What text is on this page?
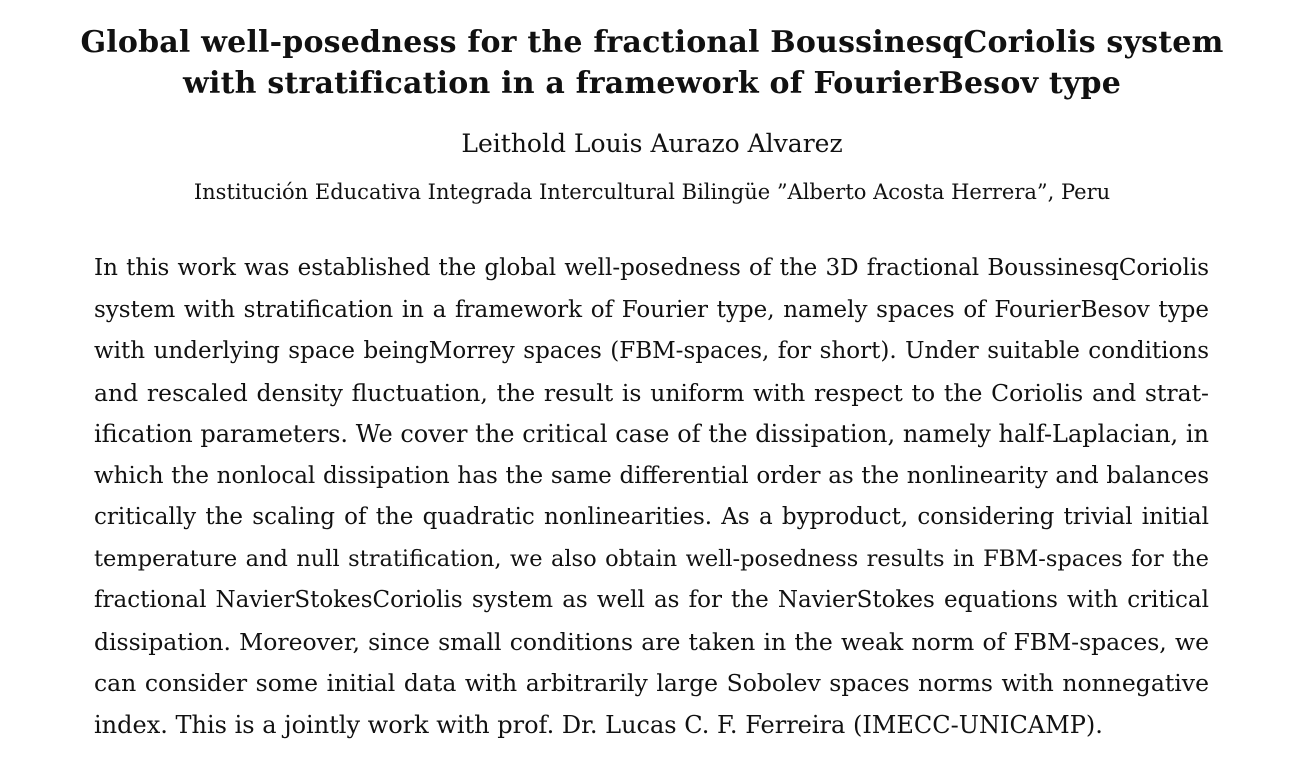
Global well-posedness for the fractional BoussinesqCoriolis system
with stratification in a framework of FourierBesov type

Leithold Louis Aurazo Alvarez

Institución Educativa Integrada Intercultural Bilingüe ”Alberto Acosta Herrera”, Peru

In this work was established the global well-posedness of the 3D fractional BoussinesqCoriolis
system with stratification in a framework of Fourier type, namely spaces of FourierBesov type
with underlying space beingMorrey spaces (FBM-spaces, for short). Under suitable conditions
and rescaled density fluctuation, the result is uniform with respect to the Coriolis and strat-
ification parameters. We cover the critical case of the dissipation, namely half-Laplacian, in
which the nonlocal dissipation has the same differential order as the nonlinearity and balances
critically the scaling of the quadratic nonlinearities. As a byproduct, considering trivial initial
temperature and null stratification, we also obtain well-posedness results in FBM-spaces for the
fractional NavierStokesCoriolis system as well as for the NavierStokes equations with critical
dissipation. Moreover, since small conditions are taken in the weak norm of FBM-spaces, we
can consider some initial data with arbitrarily large Sobolev spaces norms with nonnegative
index. This is a jointly work with prof. Dr. Lucas C. F. Ferreira (IMECC-UNICAMP).
